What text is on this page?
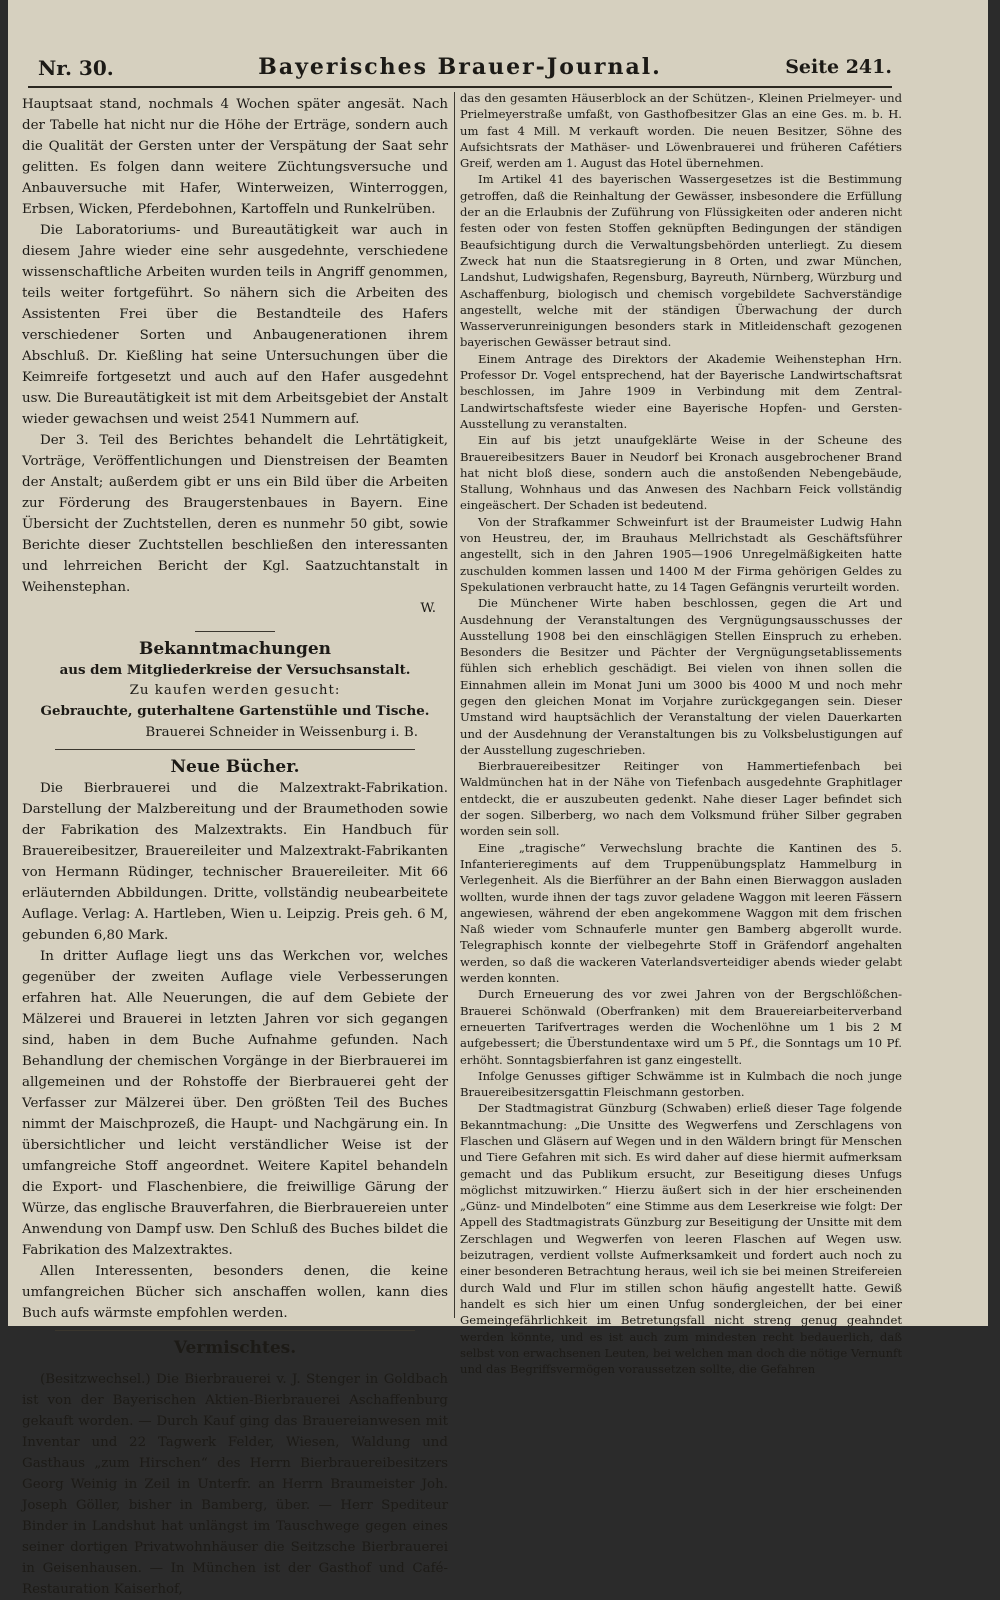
Nr. 30.	Bayerisches Brauer-Journal.	Seite 241.

Hauptsaat stand, nochmals 4 Wochen später angesät. Nach der Tabelle hat nicht nur die Höhe der Erträge, sondern auch die Qualität der Gersten unter der Verspätung der Saat sehr gelitten. Es folgen dann weitere Züchtungsversuche und Anbauversuche mit Hafer, Winterweizen, Winterroggen, Erbsen, Wicken, Pferdebohnen, Kartoffeln und Runkelrüben.

Die Laboratoriums- und Bureautätigkeit war auch in diesem Jahre wieder eine sehr ausgedehnte, verschiedene wissenschaftliche Arbeiten wurden teils in Angriff genommen, teils weiter fortgeführt. So nähern sich die Arbeiten des Assistenten Frei über die Bestandteile des Hafers verschiedener Sorten und Anbaugenerationen ihrem Abschluß. Dr. Kießling hat seine Untersuchungen über die Keimreife fortgesetzt und auch auf den Hafer ausgedehnt usw. Die Bureautätigkeit ist mit dem Arbeitsgebiet der Anstalt wieder gewachsen und weist 2541 Nummern auf.

Der 3. Teil des Berichtes behandelt die Lehrtätigkeit, Vorträge, Veröffentlichungen und Dienstreisen der Beamten der Anstalt; außerdem gibt er uns ein Bild über die Arbeiten zur Förderung des Braugerstenbaues in Bayern. Eine Übersicht der Zuchtstellen, deren es nunmehr 50 gibt, sowie Berichte dieser Zuchtstellen beschließen den interessanten und lehrreichen Bericht der Kgl. Saatzuchtanstalt in Weihenstephan.

W.
Bekanntmachungen
aus dem Mitgliederkreise der Versuchsanstalt.
Zu kaufen werden gesucht:
Gebrauchte, guterhaltene Gartenstühle und Tische.
Brauerei Schneider in Weissenburg i. B.
Neue Bücher.

Die Bierbrauerei und die Malzextrakt-Fabrikation. Darstellung der Malzbereitung und der Braumethoden sowie der Fabrikation des Malzextrakts. Ein Handbuch für Brauereibesitzer, Brauereileiter und Malzextrakt-Fabrikanten von Hermann Rüdinger, technischer Brauereileiter. Mit 66 erläuternden Abbildungen. Dritte, vollständig neubearbeitete Auflage. Verlag: A. Hartleben, Wien u. Leipzig. Preis geh. 6 M, gebunden 6,80 Mark.

In dritter Auflage liegt uns das Werkchen vor, welches gegenüber der zweiten Auflage viele Verbesserungen erfahren hat. Alle Neuerungen, die auf dem Gebiete der Mälzerei und Brauerei in letzten Jahren vor sich gegangen sind, haben in dem Buche Aufnahme gefunden. Nach Behandlung der chemischen Vorgänge in der Bierbrauerei im allgemeinen und der Rohstoffe der Bierbrauerei geht der Verfasser zur Mälzerei über. Den größten Teil des Buches nimmt der Maischprozeß, die Haupt- und Nachgärung ein. In übersichtlicher und leicht verständlicher Weise ist der umfangreiche Stoff angeordnet. Weitere Kapitel behandeln die Export- und Flaschenbiere, die freiwillige Gärung der Würze, das englische Brauverfahren, die Bierbrauereien unter Anwendung von Dampf usw. Den Schluß des Buches bildet die Fabrikation des Malzextraktes.

Allen Interessenten, besonders denen, die keine umfangreichen Bücher sich anschaffen wollen, kann dies Buch aufs wärmste empfohlen werden.

Vermischtes.

(Besitzwechsel.) Die Bierbrauerei v. J. Stenger in Goldbach ist von der Bayerischen Aktien-Bierbrauerei Aschaffenburg gekauft worden. — Durch Kauf ging das Brauereianwesen mit Inventar und 22 Tagwerk Felder, Wiesen, Waldung und Gasthaus „zum Hirschen“ des Herrn Bierbrauereibesitzers Georg Weinig in Zeil in Unterfr. an Herrn Braumeister Joh. Joseph Göller, bisher in Bamberg, über. — Herr Spediteur Binder in Landshut hat unlängst im Tauschwege gegen eines seiner dortigen Privatwohnhäuser die Seitzsche Bierbrauerei in Geisenhausen. — In München ist der Gasthof und Café-Restauration Kaiserhof,

das den gesamten Häuserblock an der Schützen-, Kleinen Prielmeyer- und Prielmeyerstraße umfaßt, von Gasthofbesitzer Glas an eine Ges. m. b. H. um fast 4 Mill. M verkauft worden. Die neuen Besitzer, Söhne des Aufsichtsrats der Mathäser- und Löwenbrauerei und früheren Cafétiers Greif, werden am 1. August das Hotel übernehmen.

Im Artikel 41 des bayerischen Wassergesetzes ist die Bestimmung getroffen, daß die Reinhaltung der Gewässer, insbesondere die Erfüllung der an die Erlaubnis der Zuführung von Flüssigkeiten oder anderen nicht festen oder von festen Stoffen geknüpften Bedingungen der ständigen Beaufsichtigung durch die Verwaltungsbehörden unterliegt. Zu diesem Zweck hat nun die Staatsregierung in 8 Orten, und zwar München, Landshut, Ludwigshafen, Regensburg, Bayreuth, Nürnberg, Würzburg und Aschaffenburg, biologisch und chemisch vorgebildete Sachverständige angestellt, welche mit der ständigen Überwachung der durch Wasserverunreinigungen besonders stark in Mitleidenschaft gezogenen bayerischen Gewässer betraut sind.

Einem Antrage des Direktors der Akademie Weihenstephan Hrn. Professor Dr. Vogel entsprechend, hat der Bayerische Landwirtschaftsrat beschlossen, im Jahre 1909 in Verbindung mit dem Zentral-Landwirtschaftsfeste wieder eine Bayerische Hopfen- und Gersten-Ausstellung zu veranstalten.

Ein auf bis jetzt unaufgeklärte Weise in der Scheune des Brauereibesitzers Bauer in Neudorf bei Kronach ausgebrochener Brand hat nicht bloß diese, sondern auch die anstoßenden Nebengebäude, Stallung, Wohnhaus und das Anwesen des Nachbarn Feick vollständig eingeäschert. Der Schaden ist bedeutend.

Von der Strafkammer Schweinfurt ist der Braumeister Ludwig Hahn von Heustreu, der, im Brauhaus Mellrichstadt als Geschäftsführer angestellt, sich in den Jahren 1905—1906 Unregelmäßigkeiten hatte zuschulden kommen lassen und 1400 M der Firma gehörigen Geldes zu Spekulationen verbraucht hatte, zu 14 Tagen Gefängnis verurteilt worden.

Die Münchener Wirte haben beschlossen, gegen die Art und Ausdehnung der Veranstaltungen des Vergnügungsausschusses der Ausstellung 1908 bei den einschlägigen Stellen Einspruch zu erheben. Besonders die Besitzer und Pächter der Vergnügungsetablissements fühlen sich erheblich geschädigt. Bei vielen von ihnen sollen die Einnahmen allein im Monat Juni um 3000 bis 4000 M und noch mehr gegen den gleichen Monat im Vorjahre zurückgegangen sein. Dieser Umstand wird hauptsächlich der Veranstaltung der vielen Dauerkarten und der Ausdehnung der Veranstaltungen bis zu Volksbelustigungen auf der Ausstellung zugeschrieben.

Bierbrauereibesitzer Reitinger von Hammertiefenbach bei Waldmünchen hat in der Nähe von Tiefenbach ausgedehnte Graphitlager entdeckt, die er auszubeuten gedenkt. Nahe dieser Lager befindet sich der sogen. Silberberg, wo nach dem Volksmund früher Silber gegraben worden sein soll.

Eine „tragische“ Verwechslung brachte die Kantinen des 5. Infanterieregiments auf dem Truppenübungsplatz Hammelburg in Verlegenheit. Als die Bierführer an der Bahn einen Bierwaggon ausladen wollten, wurde ihnen der tags zuvor geladene Waggon mit leeren Fässern angewiesen, während der eben angekommene Waggon mit dem frischen Naß wieder vom Schnauferle munter gen Bamberg abgerollt wurde. Telegraphisch konnte der vielbegehrte Stoff in Gräfendorf angehalten werden, so daß die wackeren Vaterlandsverteidiger abends wieder gelabt werden konnten.

Durch Erneuerung des vor zwei Jahren von der Bergschlößchen-Brauerei Schönwald (Oberfranken) mit dem Brauereiarbeiterverband erneuerten Tarifvertrages werden die Wochenlöhne um 1 bis 2 M aufgebessert; die Überstundentaxe wird um 5 Pf., die Sonntags um 10 Pf. erhöht. Sonntagsbierfahren ist ganz eingestellt.

Infolge Genusses giftiger Schwämme ist in Kulmbach die noch junge Brauereibesitzersgattin Fleischmann gestorben.

Der Stadtmagistrat Günzburg (Schwaben) erließ dieser Tage folgende Bekanntmachung: „Die Unsitte des Wegwerfens und Zerschlagens von Flaschen und Gläsern auf Wegen und in den Wäldern bringt für Menschen und Tiere Gefahren mit sich. Es wird daher auf diese hiermit aufmerksam gemacht und das Publikum ersucht, zur Beseitigung dieses Unfugs möglichst mitzuwirken.“ Hierzu äußert sich in der hier erscheinenden „Günz- und Mindelboten“ eine Stimme aus dem Leserkreise wie folgt: Der Appell des Stadtmagistrats Günzburg zur Beseitigung der Unsitte mit dem Zerschlagen und Wegwerfen von leeren Flaschen auf Wegen usw. beizutragen, verdient vollste Aufmerksamkeit und fordert auch noch zu einer besonderen Betrachtung heraus, weil ich sie bei meinen Streifereien durch Wald und Flur im stillen schon häufig angestellt hatte. Gewiß handelt es sich hier um einen Unfug sondergleichen, der bei einer Gemeingefährlichkeit im Betretungsfall nicht streng genug geahndet werden könnte, und es ist auch zum mindesten recht bedauerlich, daß selbst von erwachsenen Leuten, bei welchen man doch die nötige Vernunft und das Begriffsvermögen voraussetzen sollte, die Gefahren
